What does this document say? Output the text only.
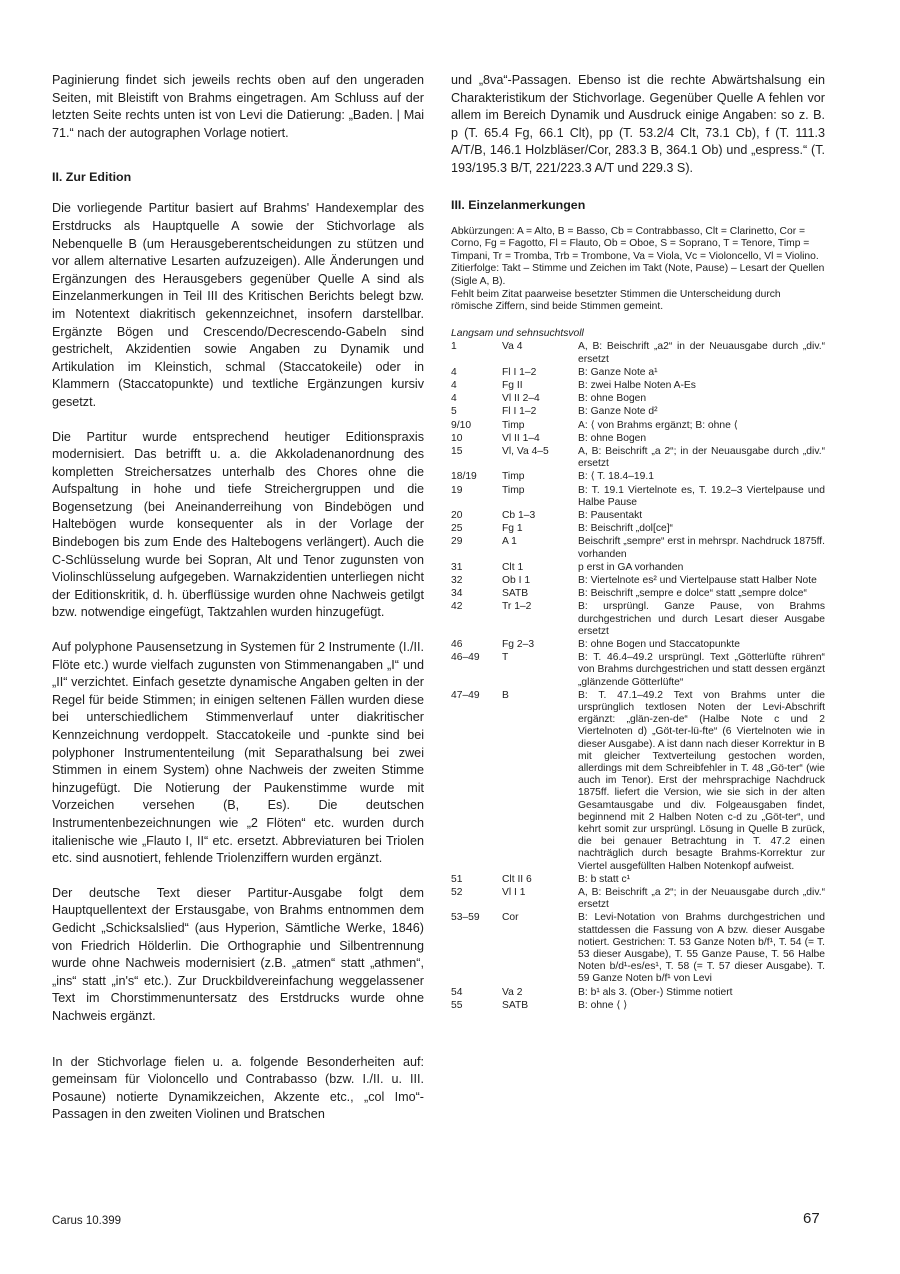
Paginierung findet sich jeweils rechts oben auf den ungeraden Seiten, mit Bleistift von Brahms eingetragen. Am Schluss auf der letzten Seite rechts unten ist von Levi die Datierung: „Baden. | Mai 71.“ nach der autographen Vorlage notiert.

II. Zur Edition

Die vorliegende Partitur basiert auf Brahms' Handexemplar des Erstdrucks als Hauptquelle A sowie der Stichvorlage als Nebenquelle B (um Herausgeberentscheidungen zu stützen und vor allem alternative Lesarten aufzuzeigen). Alle Änderungen und Ergänzungen des Herausgebers gegenüber Quelle A sind als Einzelanmerkungen in Teil III des Kritischen Berichts belegt bzw. im Notentext diakritisch gekennzeichnet, insofern darstellbar. Ergänzte Bögen und Crescendo/Decrescendo-Gabeln sind gestrichelt, Akzidentien sowie Angaben zu Dynamik und Artikulation im Kleinstich, schmal (Staccatokeile) oder in Klammern (Staccatopunkte) und textliche Ergänzungen kursiv gesetzt.

Die Partitur wurde entsprechend heutiger Editionspraxis modernisiert. Das betrifft u. a. die Akkoladenanordnung des kompletten Streichersatzes unterhalb des Chores ohne die Aufspaltung in hohe und tiefe Streichergruppen und die Bogensetzung (bei Aneinanderreihung von Bindebögen und Haltebögen wurde konsequenter als in der Vorlage der Bindebogen bis zum Ende des Haltebogens verlängert). Auch die C-Schlüsselung wurde bei Sopran, Alt und Tenor zugunsten von Violinschlüsselung aufgegeben. Warnakzidentien unterliegen nicht der Editionskritik, d. h. überflüssige wurden ohne Nachweis getilgt bzw. notwendige eingefügt, Taktzahlen wurden hinzugefügt.

Auf polyphone Pausensetzung in Systemen für 2 Instrumente (I./II. Flöte etc.) wurde vielfach zugunsten von Stimmenangaben „I“ und „II“ verzichtet. Einfach gesetzte dynamische Angaben gelten in der Regel für beide Stimmen; in einigen seltenen Fällen wurden diese bei unterschiedlichem Stimmenverlauf unter diakritischer Kennzeichnung verdoppelt. Staccatokeile und -punkte sind bei polyphoner Instrumententeilung (mit Separathalsung bei zwei Stimmen in einem System) ohne Nachweis der zweiten Stimme hinzugefügt. Die Notierung der Paukenstimme wurde mit Vorzeichen versehen (B, Es). Die deutschen Instrumentenbezeichnungen wie „2 Flöten“ etc. wurden durch italienische wie „Flauto I, II“ etc. ersetzt. Abbreviaturen bei Triolen etc. sind ausnotiert, fehlende Triolenziffern wurden ergänzt.

Der deutsche Text dieser Partitur-Ausgabe folgt dem Hauptquellentext der Erstausgabe, von Brahms entnommen dem Gedicht „Schicksalslied“ (aus Hyperion, Sämtliche Werke, 1846) von Friedrich Hölderlin. Die Orthographie und Silbentrennung wurde ohne Nachweis modernisiert (z.B. „atmen“ statt „athmen“, „ins“ statt „in's“ etc.). Zur Druckbildvereinfachung weggelassener Text im Chorstimmenuntersatz des Erstdrucks wurde ohne Nachweis ergänzt.

In der Stichvorlage fielen u. a. folgende Besonderheiten auf: gemeinsam für Violoncello und Contrabasso (bzw. I./II. u. III. Posaune) notierte Dynamikzeichen, Akzente etc., „col Imo“-Passagen in den zweiten Violinen und Bratschen

und „8va“-Passagen. Ebenso ist die rechte Abwärtshalsung ein Charakteristikum der Stichvorlage. Gegenüber Quelle A fehlen vor allem im Bereich Dynamik und Ausdruck einige Angaben: so z. B. p (T. 65.4 Fg, 66.1 Clt), pp (T. 53.2/4 Clt, 73.1 Cb), f (T. 111.3 A/T/B, 146.1 Holzbläser/Cor, 283.3 B, 364.1 Ob) und „espress.“ (T. 193/195.3 B/T, 221/223.3 A/T und 229.3 S).

III. Einzelanmerkungen

Abkürzungen: A = Alto, B = Basso, Cb = Contrabbasso, Clt = Clarinetto, Cor = Corno, Fg = Fagotto, Fl = Flauto, Ob = Oboe, S = Soprano, T = Tenore, Timp = Timpani, Tr = Tromba, Trb = Trombone, Va = Viola, Vc = Violoncello, Vl = Violino.

Zitierfolge: Takt – Stimme und Zeichen im Takt (Note, Pause) – Lesart der Quellen (Sigle A, B).

Fehlt beim Zitat paarweise besetzter Stimmen die Unterscheidung durch römische Ziffern, sind beide Stimmen gemeint.

Langsam und sehnsuchtsvoll

1	Va 4	A, B: Beischrift „a2“ in der Neuausgabe durch „div.“ ersetzt
4	Fl I 1–2	B: Ganze Note a¹
4	Fg II	B: zwei Halbe Noten A-Es
4	Vl II 2–4	B: ohne Bogen
5	Fl I 1–2	B: Ganze Note d²
9/10	Timp	A: ⟨ von Brahms ergänzt; B: ohne ⟨
10	Vl II 1–4	B: ohne Bogen
15	Vl, Va 4–5	A, B: Beischrift „a 2“; in der Neuausgabe durch „div.“ ersetzt
18/19	Timp	B: ⟨ T. 18.4–19.1
19	Timp	B: T. 19.1 Viertelnote es, T. 19.2–3 Viertelpause und Halbe Pause
20	Cb 1–3	B: Pausentakt
25	Fg 1	B: Beischrift „dol[ce]“
29	A 1	Beischrift „sempre“ erst in mehrspr. Nachdruck 1875ff. vorhanden
31	Clt 1	p erst in GA vorhanden
32	Ob I 1	B: Viertelnote es² und Viertelpause statt Halber Note
34	SATB	B: Beischrift „sempre e dolce“ statt „sempre dolce“
42	Tr 1–2	B: ursprüngl. Ganze Pause, von Brahms durchgestrichen und durch Lesart dieser Ausgabe ersetzt
46	Fg 2–3	B: ohne Bogen und Staccatopunkte
46–49	T	B: T. 46.4–49.2 ursprüngl. Text „Götterlüfte rühren“ von Brahms durchgestrichen und statt dessen ergänzt „glänzende Götterlüfte“
47–49	B	B: T. 47.1–49.2 Text von Brahms unter die ursprünglich textlosen Noten der Levi-Abschrift ergänzt: „glän-zen-de“ (Halbe Note c und 2 Viertelnoten d) „Göt-ter-lü-fte“ (6 Viertelnoten wie in dieser Ausgabe). A ist dann nach dieser Korrektur in B mit gleicher Textverteilung gestochen worden, allerdings mit dem Schreibfehler in T. 48 „Gö-ter“ (wie auch im Tenor). Erst der mehrsprachige Nachdruck 1875ff. liefert die Version, wie sie sich in der alten Gesamtausgabe und div. Folgeausgaben findet, beginnend mit 2 Halben Noten c-d zu „Göt-ter“, und kehrt somit zur ursprüngl. Lösung in Quelle B zurück, die bei genauer Betrachtung in T. 47.2 einen nachträglich durch besagte Brahms-Korrektur zur Viertel ausgefüllten Halben Notenkopf aufweist.
51	Clt II 6	B: b statt c¹
52	Vl I 1	A, B: Beischrift „a 2“; in der Neuausgabe durch „div.“ ersetzt
53–59	Cor	B: Levi-Notation von Brahms durchgestrichen und stattdessen die Fassung von A bzw. dieser Ausgabe notiert. Gestrichen: T. 53 Ganze Noten b/f¹, T. 54 (= T. 53 dieser Ausgabe), T. 55 Ganze Pause, T. 56 Halbe Noten b/d¹-es/es¹, T. 58 (= T. 57 dieser Ausgabe). T. 59 Ganze Noten b/f¹ von Levi
54	Va 2	B: b¹ als 3. (Ober-) Stimme notiert
55	SATB	B: ohne ⟨ ⟩
Carus 10.399	67
